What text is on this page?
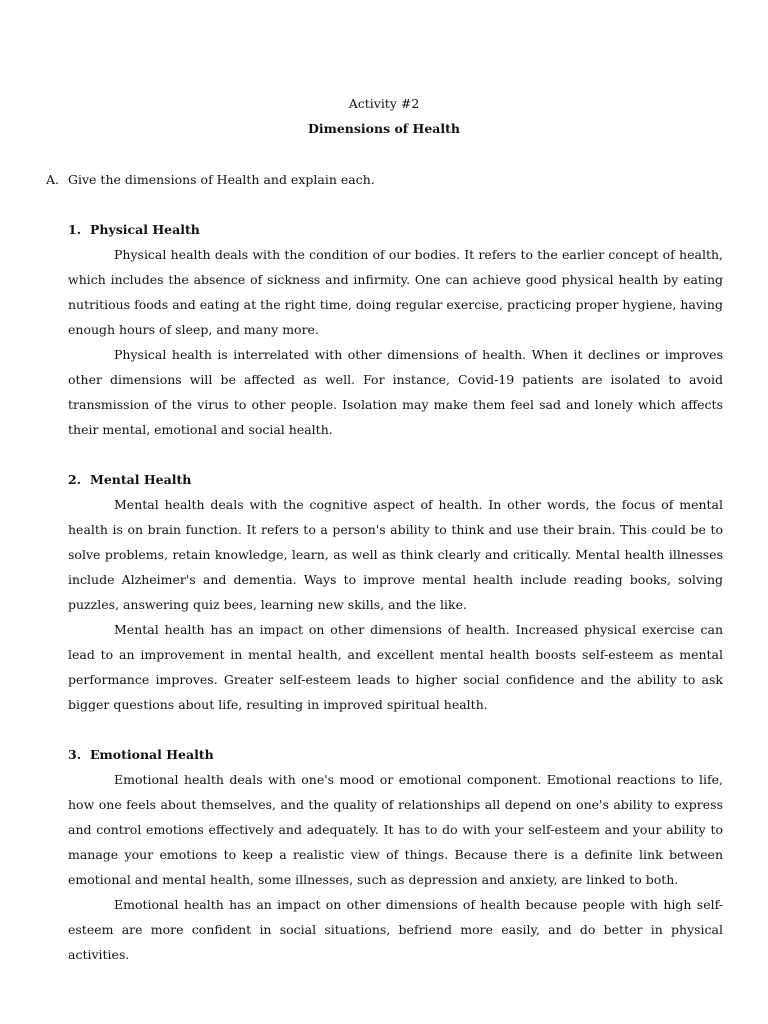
Activity #2
Dimensions of Health
A. Give the dimensions of Health and explain each.
1. Physical Health

Physical health deals with the condition of our bodies. It refers to the earlier concept of health, which includes the absence of sickness and infirmity. One can achieve good physical health by eating nutritious foods and eating at the right time, doing regular exercise, practicing proper hygiene, having enough hours of sleep, and many more.

Physical health is interrelated with other dimensions of health. When it declines or improves other dimensions will be affected as well. For instance, Covid-19 patients are isolated to avoid transmission of the virus to other people. Isolation may make them feel sad and lonely which affects their mental, emotional and social health.

2. Mental Health

Mental health deals with the cognitive aspect of health. In other words, the focus of mental health is on brain function. It refers to a person's ability to think and use their brain. This could be to solve problems, retain knowledge, learn, as well as think clearly and critically. Mental health illnesses include Alzheimer's and dementia. Ways to improve mental health include reading books, solving puzzles, answering quiz bees, learning new skills, and the like.

Mental health has an impact on other dimensions of health. Increased physical exercise can lead to an improvement in mental health, and excellent mental health boosts self-esteem as mental performance improves. Greater self-esteem leads to higher social confidence and the ability to ask bigger questions about life, resulting in improved spiritual health.

3. Emotional Health

Emotional health deals with one's mood or emotional component. Emotional reactions to life, how one feels about themselves, and the quality of relationships all depend on one's ability to express and control emotions effectively and adequately. It has to do with your self-esteem and your ability to manage your emotions to keep a realistic view of things. Because there is a definite link between emotional and mental health, some illnesses, such as depression and anxiety, are linked to both.

Emotional health has an impact on other dimensions of health because people with high self-esteem are more confident in social situations, befriend more easily, and do better in physical activities.
